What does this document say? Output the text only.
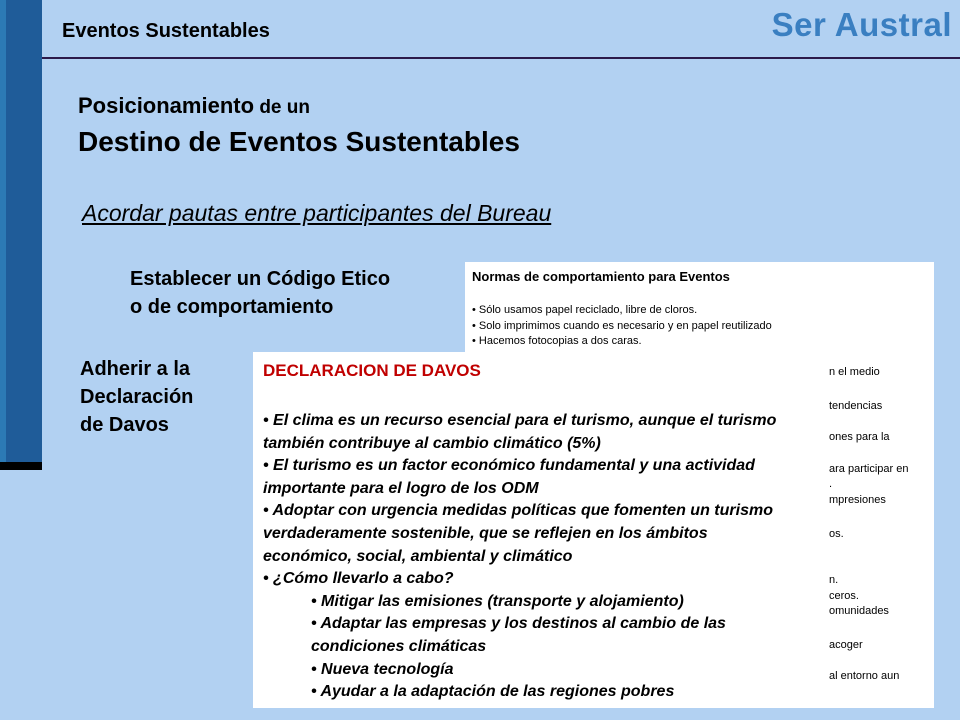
Eventos Sustentables	Ser Austral
Posicionamiento de un
Destino de Eventos Sustentables
Acordar pautas entre participantes del Bureau
Establecer un Código Etico
o de comportamiento
Adherir a la
Declaración
de Davos
Normas de comportamiento para Eventos
• Sólo usamos papel reciclado, libre de cloros.
• Solo imprimimos cuando es necesario y en papel reutilizado
• Hacemos fotocopias a dos caras.
n el medio
tendencias
ones para la
ara participar en
.
mpresiones
os.
n.
ceros.
omunidades
acoger
al entorno aun
DECLARACION DE DAVOS

• El clima es un recurso esencial para el turismo, aunque el turismo también contribuye al cambio climático (5%)

• El turismo es un factor económico fundamental y una actividad importante para el logro de los ODM

• Adoptar con urgencia medidas políticas que fomenten un turismo verdaderamente sostenible, que se reflejen en los ámbitos económico, social, ambiental y climático

• ¿Cómo llevarlo a cabo?

• Mitigar las emisiones (transporte y alojamiento)

• Adaptar las empresas y los destinos al cambio de las condiciones climáticas

• Nueva tecnología

• Ayudar a la adaptación de las regiones pobres
